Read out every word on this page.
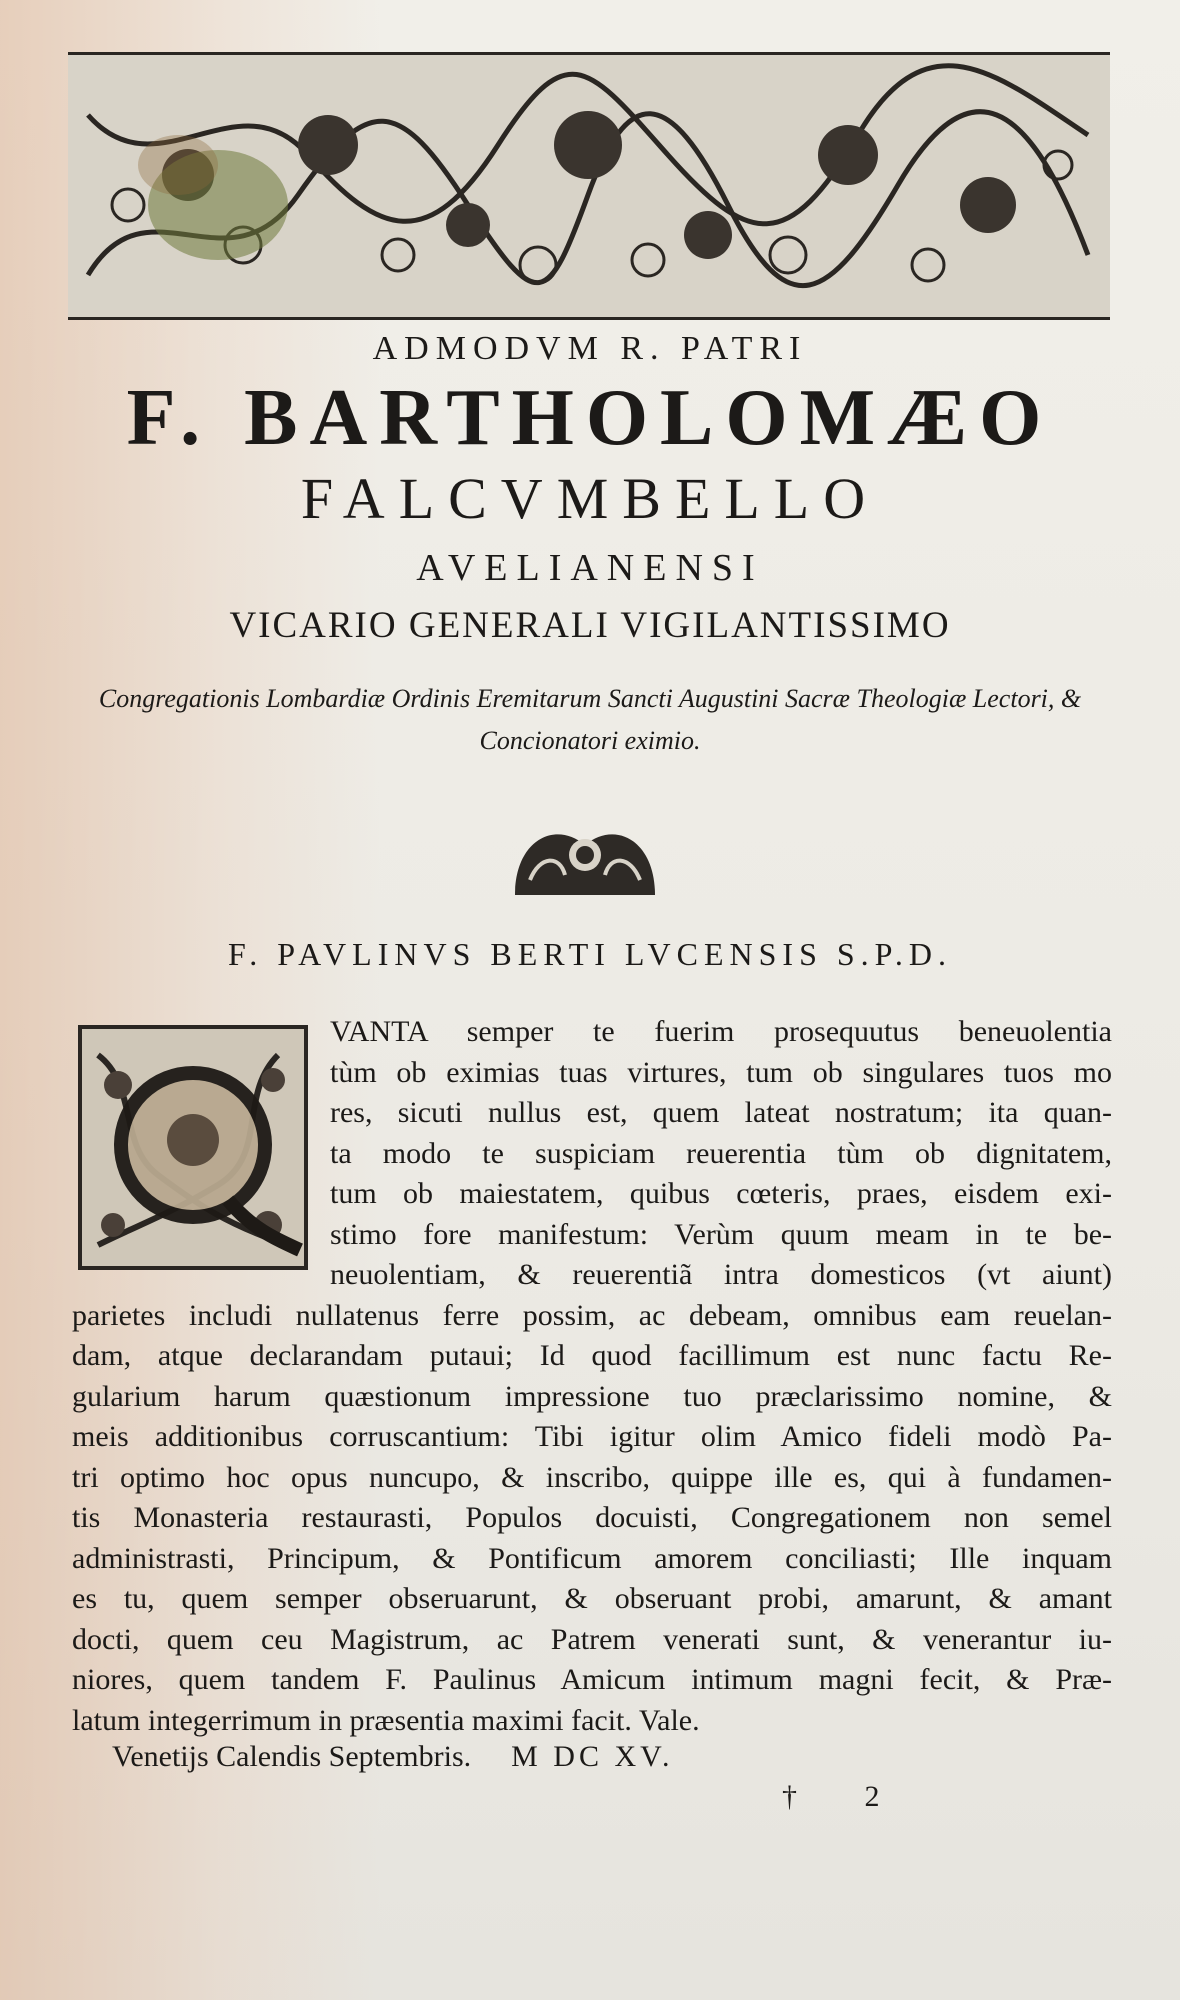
ADMODVM R. PATRI
F. BARTHOLOMÆO
FALCVMBELLO
AVELIANENSI
VICARIO GENERALI VIGILANTISSIMO
Congregationis Lombardiæ Ordinis Eremitarum Sancti Augustini Sacræ Theologiæ Lectori, & Concionatori eximio.
F. PAVLINVS BERTI LVCENSIS S.P.D.
VANTA semper te fuerim prosequutus beneuolentia
tùm ob eximias tuas virtures, tum ob singulares tuos mo
res, sicuti nullus est, quem lateat nostratum; ita quan-
ta modo te suspiciam reuerentia tùm ob dignitatem,
tum ob maiestatem, quibus cœteris, praes, eisdem exi-
stimo fore manifestum: Verùm quum meam in te be-
neuolentiam, & reuerentiã intra domesticos (vt aiunt)
parietes includi nullatenus ferre possim, ac debeam, omnibus eam reuelan-
dam, atque declarandam putaui; Id quod facillimum est nunc factu Re-
gularium harum quæstionum impressione tuo præclarissimo nomine, &
meis additionibus corruscantium: Tibi igitur olim Amico fideli modò Pa-
tri optimo hoc opus nuncupo, & inscribo, quippe ille es, qui à fundamen-
tis Monasteria restaurasti, Populos docuisti, Congregationem non semel
administrasti, Principum, & Pontificum amorem conciliasti; Ille inquam
es tu, quem semper obseruarunt, & obseruant probi, amarunt, & amant
docti, quem ceu Magistrum, ac Patrem venerati sunt, & venerantur iu-
niores, quem tandem F. Paulinus Amicum intimum magni fecit, & Præ-
latum integerrimum in præsentia maximi facit. Vale.
Venetijs Calendis Septembris. M DC XV.
† 2
